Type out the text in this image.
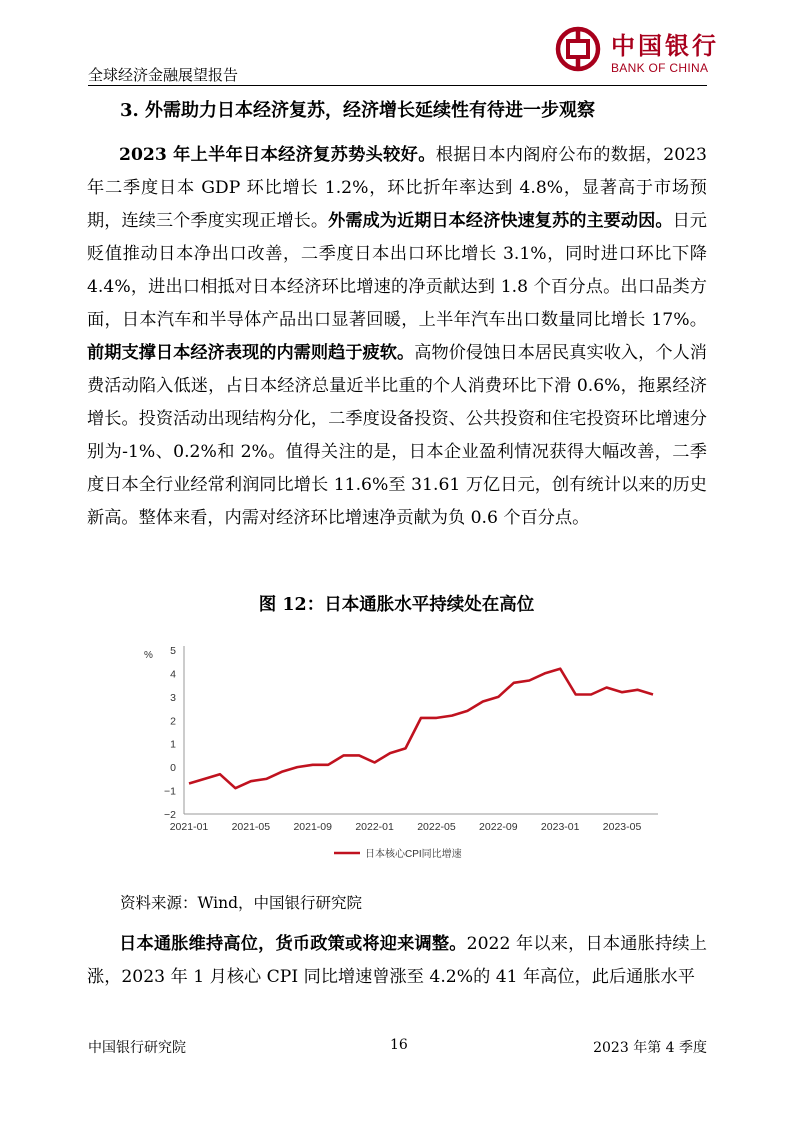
全球经济金融展望报告
中国银行
BANK OF CHINA
3. 外需助力日本经济复苏，经济增长延续性有待进一步观察

2023 年上半年日本经济复苏势头较好。根据日本内阁府公布的数据，2023 年二季度日本 GDP 环比增长 1.2%，环比折年率达到 4.8%，显著高于市场预期，连续三个季度实现正增长。外需成为近期日本经济快速复苏的主要动因。日元贬值推动日本净出口改善，二季度日本出口环比增长 3.1%，同时进口环比下降 4.4%，进出口相抵对日本经济环比增速的净贡献达到 1.8 个百分点。出口品类方面，日本汽车和半导体产品出口显著回暖，上半年汽车出口数量同比增长 17%。前期支撑日本经济表现的内需则趋于疲软。高物价侵蚀日本居民真实收入，个人消费活动陷入低迷，占日本经济总量近半比重的个人消费环比下滑 0.6%，拖累经济增长。投资活动出现结构分化，二季度设备投资、公共投资和住宅投资环比增速分别为-1%、0.2%和 2%。值得关注的是，日本企业盈利情况获得大幅改善，二季度日本全行业经常利润同比增长 11.6%至 31.61 万亿日元，创有统计以来的历史新高。整体来看，内需对经济环比增速净贡献为负 0.6 个百分点。

图 12：日本通胀水平持续处在高位
5
4
3
2
1
0
−1
−2
%
2021-01 2021-05 2021-09 2022-01 2022-05 2022-09 2023-01 2023-05
日本核心CPI同比增速
资料来源：Wind，中国银行研究院

日本通胀维持高位，货币政策或将迎来调整。2022 年以来，日本通胀持续上涨，2023 年 1 月核心 CPI 同比增速曾涨至 4.2%的 41 年高位，此后通胀水平

中国银行研究院	16	2023 年第 4 季度
